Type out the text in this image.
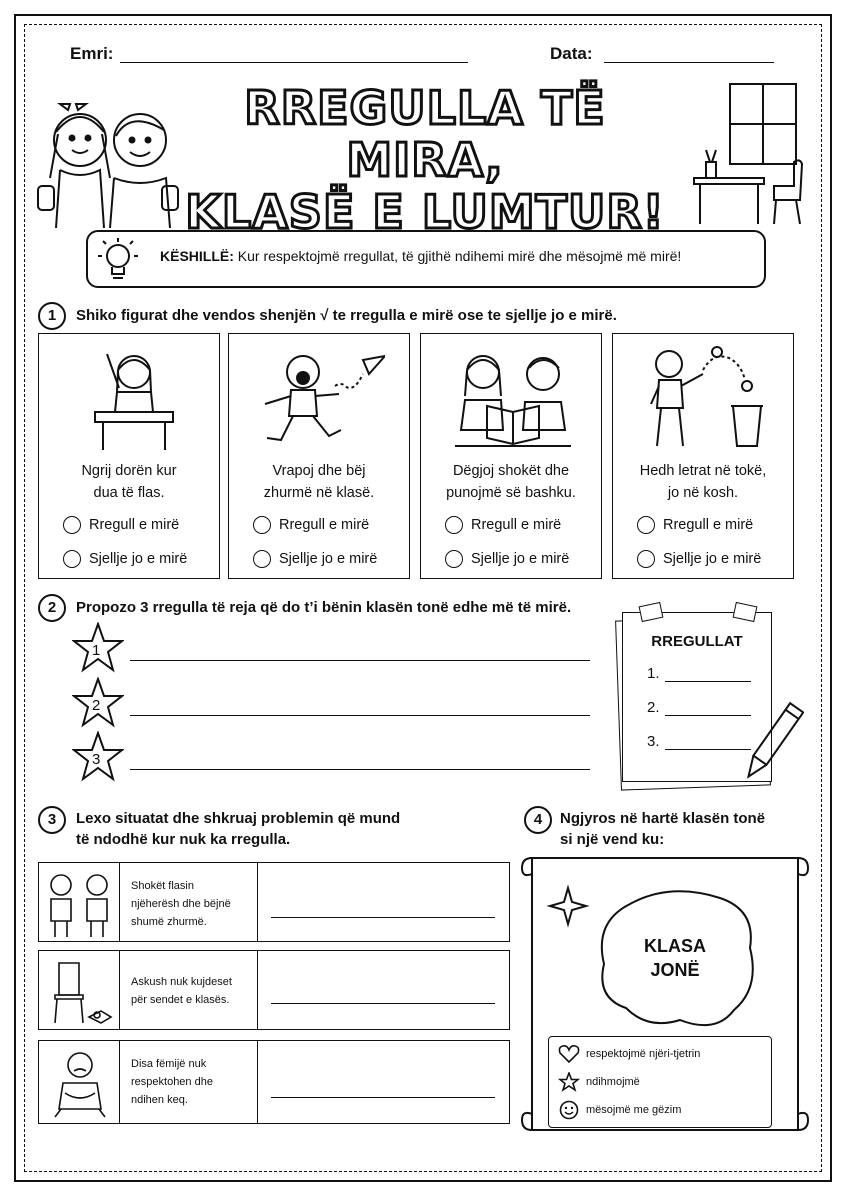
Emri:	Data:
RREGULLA TË MIRA,
KLASË E LUMTUR!
KËSHILLË: Kur respektojmë rregullat, të gjithë ndihemi mirë dhe mësojmë më mirë!
1	Shiko figurat dhe vendos shenjën √ te rregulla e mirë ose te sjellje jo e mirë.
Ngrij dorën kur
dua të flas.
Rregull e mirë
Sjellje jo e mirë
Vrapoj dhe bëj
zhurmë në klasë.
Rregull e mirë
Sjellje jo e mirë
Dëgjoj shokët dhe
punojmë së bashku.
Rregull e mirë
Sjellje jo e mirë
Hedh letrat në tokë,
jo në kosh.
Rregull e mirë
Sjellje jo e mirë
2	Propozo 3 rregulla të reja që do t’i bënin klasën tonë edhe më të mirë.
1
2
3
RREGULLAT
1.
2.
3.
3	Lexo situatat dhe shkruaj problemin që mund
të ndodhë kur nuk ka rregulla.
Shokët flasin
njëherësh dhe bëjnë
shumë zhurmë.
Askush nuk kujdeset
për sendet e klasës.
Disa fëmijë nuk
respektohen dhe
ndihen keq.
4	Ngjyros në hartë klasën tonë
si një vend ku:
KLASA
JONË
respektojmë njëri-tjetrin
ndihmojmë
mësojmë me gëzim
